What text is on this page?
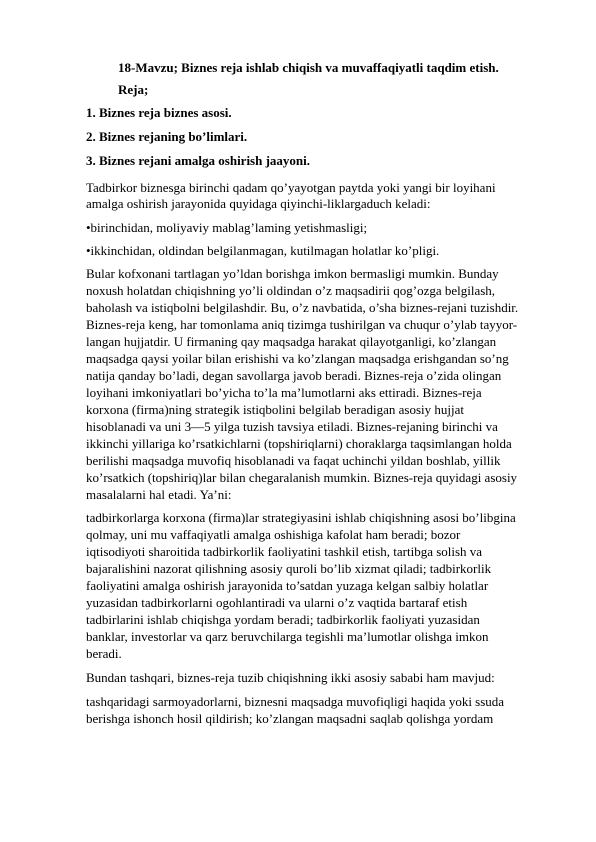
18-Mavzu; Biznes reja ishlab chiqish va muvaffaqiyatli taqdim etish.
Reja;
1. Biznes reja biznes asosi.
2. Biznes rejaning bo’limlari.
3. Biznes rejani amalga oshirish jaayoni.
Tadbirkor biznesga birinchi qadam qo’yayotgan paytda yoki yangi bir loyihani
amalga oshirish jarayonida quyidaga qiyinchi-liklargaduch keladi:
•birinchidan, moliyaviy mablag’laming yetishmasligi;
•ikkinchidan, oldindan belgilanmagan, kutilmagan holatlar ko’pligi.
Bular kofxonani tartlagan yo’ldan borishga imkon bermasligi mumkin. Bunday
noxush holatdan chiqishning yo’li oldindan o’z maqsadirii qog’ozga belgilash,
baholash va istiqbolni belgilashdir. Bu, o’z navbatida, o’sha biznes-rejani tuzishdir.
Biznes-reja keng, har tomonlama aniq tizimga tushirilgan va chuqur o’ylab tayyor-
langan hujjatdir. U firmaning qay maqsadga harakat qilayotganligi, ko’zlangan
maqsadga qaysi yoilar bilan erishishi va ko’zlangan maqsadga erishgandan so’ng
natija qanday bo’ladi, degan savollarga javob beradi. Biznes-reja o’zida olingan
loyihani imkoniyatlari bo’yicha to’la ma’lumotlarni aks ettiradi. Biznes-reja
korxona (firma)ning strategik istiqbolini belgilab beradigan asosiy hujjat
hisoblanadi va uni 3—5 yilga tuzish tavsiya etiladi. Biznes-rejaning birinchi va
ikkinchi yillariga ko’rsatkichlarni (topshiriqlarni) choraklarga taqsimlangan holda
berilishi maqsadga muvofiq hisoblanadi va faqat uchinchi yildan boshlab, yillik
ko’rsatkich (topshiriq)lar bilan chegaralanish mumkin. Biznes-reja quyidagi asosiy
masalalarni hal etadi. Ya’ni:
tadbirkorlarga korxona (firma)lar strategiyasini ishlab chiqishning asosi bo’libgina
qolmay, uni mu vaffaqiyatli amalga oshishiga kafolat ham beradi; bozor
iqtisodiyoti sharoitida tadbirkorlik faoliyatini tashkil etish, tartibga solish va
bajaralishini nazorat qilishning asosiy quroli bo’lib xizmat qiladi; tadbirkorlik
faoliyatini amalga oshirish jarayonida to’satdan yuzaga kelgan salbiy holatlar
yuzasidan tadbirkorlarni ogohlantiradi va ularni o’z vaqtida bartaraf etish
tadbirlarini ishlab chiqishga yordam beradi; tadbirkorlik faoliyati yuzasidan
banklar, investorlar va qarz beruvchilarga tegishli ma’lumotlar olishga imkon
beradi.
Bundan tashqari, biznes-reja tuzib chiqishning ikki asosiy sababi ham mavjud:
tashqaridagi sarmoyadorlarni, biznesni maqsadga muvofiqligi haqida yoki ssuda
berishga ishonch hosil qildirish; ko’zlangan maqsadni saqlab qolishga yordam
